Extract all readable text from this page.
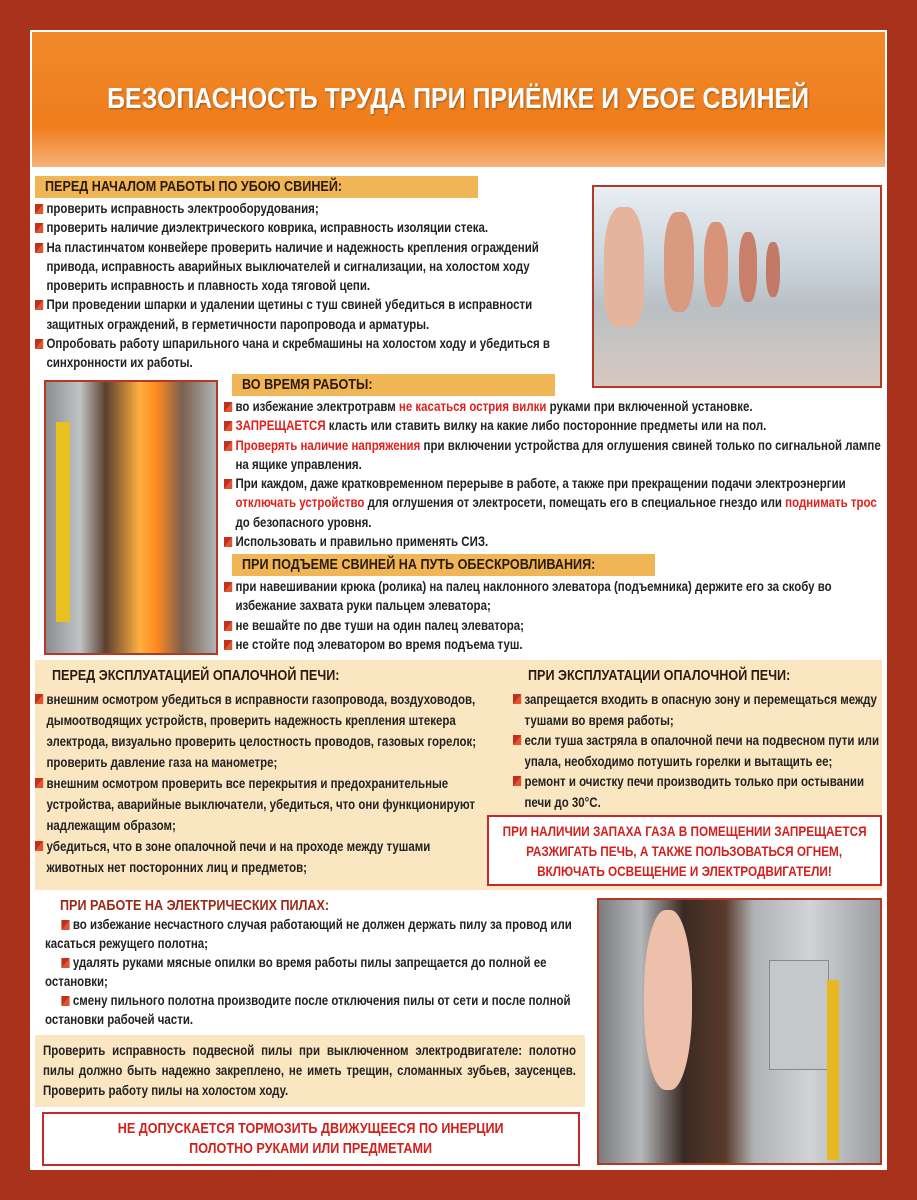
БЕЗОПАСНОСТЬ ТРУДА ПРИ ПРИЁМКЕ И УБОЕ СВИНЕЙ
ПЕРЕД НАЧАЛОМ РАБОТЫ ПО УБОЮ СВИНЕЙ:
проверить исправность электрооборудования;
проверить наличие диэлектрического коврика, исправность изоляции стека.
На пластинчатом конвейере проверить наличие и надежность крепления ограждений привода, исправность аварийных выключателей и сигнализации, на холостом ходу проверить исправность и плавность хода тяговой цепи.
При проведении шпарки и удалении щетины с туш свиней убедиться в исправности защитных ограждений, в герметичности паропровода и арматуры.
Опробовать работу шпарильного чана и скребмашины на холостом ходу и убедиться в синхронности их работы.
ВО ВРЕМЯ РАБОТЫ:
во избежание электротравм не касаться острия вилки руками при включенной установке.
ЗАПРЕЩАЕТСЯ класть или ставить вилку на какие либо посторонние предметы или на пол.
Проверять наличие напряжения при включении устройства для оглушения свиней только по сигнальной лампе на ящике управления.
При каждом, даже кратковременном перерыве в работе, а также при прекращении подачи электроэнергии отключать устройство для оглушения от электросети, помещать его в специальное гнездо или поднимать трос до безопасного уровня.
Использовать и правильно применять СИЗ.
ПРИ ПОДЪЕМЕ СВИНЕЙ НА ПУТЬ ОБЕСКРОВЛИВАНИЯ:
при навешивании крюка (ролика) на палец наклонного элеватора (подъемника) держите его за скобу во избежание захвата руки пальцем элеватора;
не вешайте по две туши на один палец элеватора;
не стойте под элеватором во время подъема туш.
ПЕРЕД ЭКСПЛУАТАЦИЕЙ ОПАЛОЧНОЙ ПЕЧИ:
внешним осмотром убедиться в исправности газопровода, воздуховодов, дымоотводящих устройств, проверить надежность крепления штекера электрода, визуально проверить целостность проводов, газовых горелок; проверить давление газа на манометре;
внешним осмотром проверить все перекрытия и предохранительные устройства, аварийные выключатели, убедиться, что они функционируют надлежащим образом;
убедиться, что в зоне опалочной печи и на проходе между тушами животных нет посторонних лиц и предметов;
ПРИ ЭКСПЛУАТАЦИИ ОПАЛОЧНОЙ ПЕЧИ:
запрещается входить в опасную зону и перемещаться между тушами во время работы;
если туша застряла в опалочной печи на подвесном пути или упала, необходимо потушить горелки и вытащить ее;
ремонт и очистку печи производить только при остывании печи до 30°С.
ПРИ НАЛИЧИИ ЗАПАХА ГАЗА В ПОМЕЩЕНИИ ЗАПРЕЩАЕТСЯ
РАЗЖИГАТЬ ПЕЧЬ, А ТАКЖЕ ПОЛЬЗОВАТЬСЯ ОГНЕМ,
ВКЛЮЧАТЬ ОСВЕЩЕНИЕ И ЭЛЕКТРОДВИГАТЕЛИ!
ПРИ РАБОТЕ НА ЭЛЕКТРИЧЕСКИХ ПИЛАХ:
во избежание несчастного случая работающий не должен держать пилу за провод или касаться режущего полотна;
удалять руками мясные опилки во время работы пилы запрещается до полной ее остановки;
смену пильного полотна производите после отключения пилы от сети и после полной остановки рабочей части.
Проверить исправность подвесной пилы при выключенном электродвигателе: полотно пилы должно быть надежно закреплено, не иметь трещин, сломанных зубьев, заусенцев. Проверить работу пилы на холостом ходу.
НЕ ДОПУСКАЕТСЯ ТОРМОЗИТЬ ДВИЖУЩЕЕСЯ ПО ИНЕРЦИИ
ПОЛОТНО РУКАМИ ИЛИ ПРЕДМЕТАМИ
